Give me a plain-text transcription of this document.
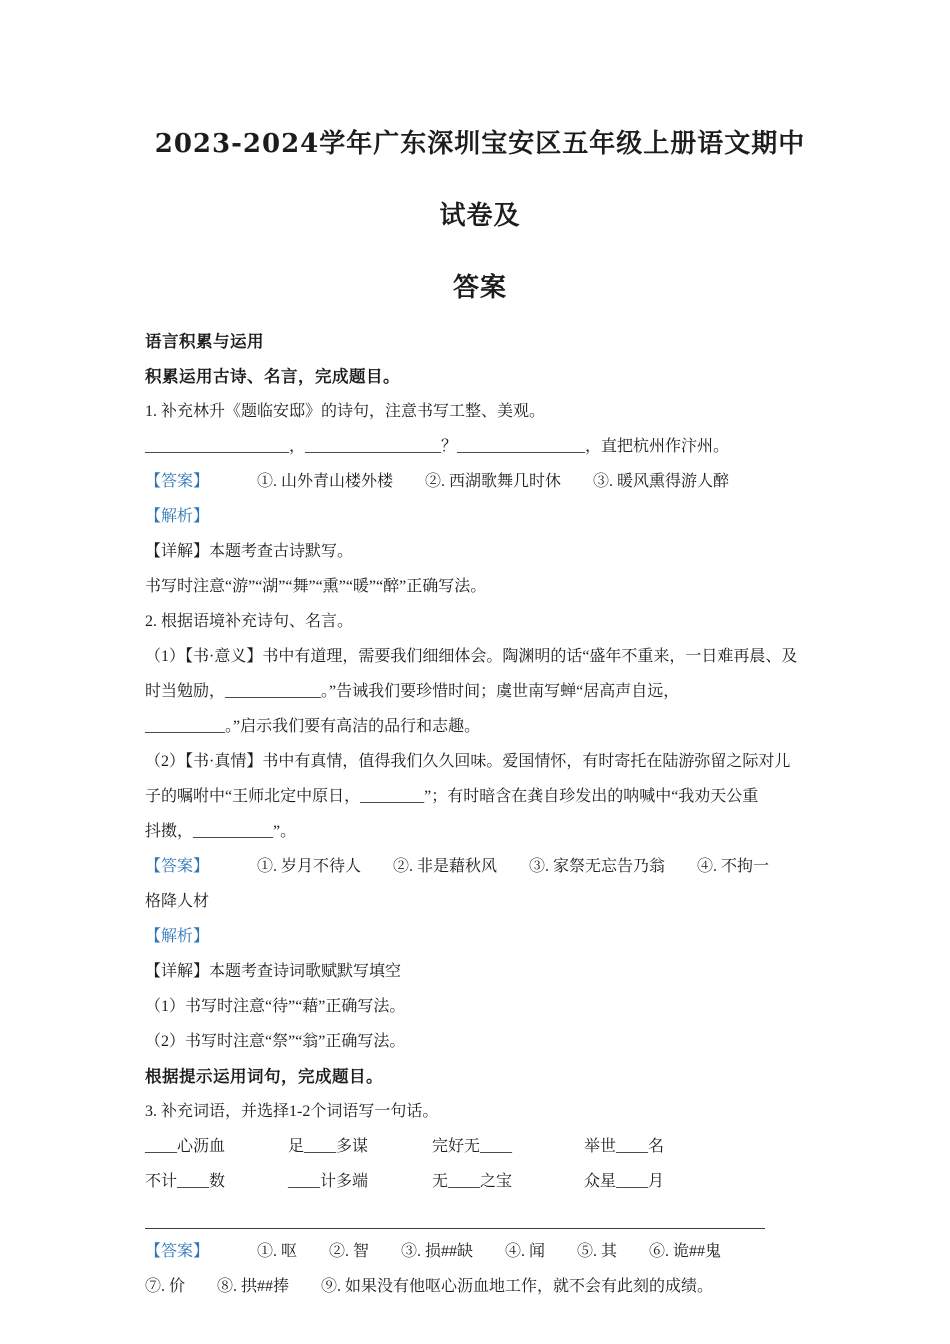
2023-2024学年广东深圳宝安区五年级上册语文期中试卷及
答案

语言积累与运用

积累运用古诗、名言，完成题目。

1. 补充林升《题临安邸》的诗句，注意书写工整、美观。

__________________，_________________？________________，直把杭州作汴州。

【答案】	①. 山外青山楼外楼　　②. 西湖歌舞几时休　　③. 暖风熏得游人醉

【解析】

【详解】本题考查古诗默写。

书写时注意“游”“湖”“舞”“熏”“暖”“醉”正确写法。

2. 根据语境补充诗句、名言。

（1）【书·意义】书中有道理，需要我们细细体会。陶渊明的话“盛年不重来，一日难再晨、及

时当勉励，____________。”告诫我们要珍惜时间；虞世南写蝉“居高声自远，

__________。”启示我们要有高洁的品行和志趣。

（2）【书·真情】书中有真情，值得我们久久回味。爱国情怀，有时寄托在陆游弥留之际对儿

子的嘱咐中“王师北定中原日，________”；有时暗含在龚自珍发出的呐喊中“我劝天公重

抖擞，__________”。

【答案】	①. 岁月不待人　　②. 非是藉秋风　　③. 家祭无忘告乃翁　　④. 不拘一

格降人材

【解析】

【详解】本题考查诗词歌赋默写填空

（1）书写时注意“待”“藉”正确写法。

（2）书写时注意“祭”“翁”正确写法。

根据提示运用词句，完成题目。

3. 补充词语，并选择1-2个词语写一句话。

____心沥血	足____多谋	完好无____	举世____名
不计____数	____计多端	无____之宝	众星____月

【答案】	①. 呕　　②. 智　　③. 损##缺　　④. 闻　　⑤. 其　　⑥. 诡##鬼

⑦. 价　　⑧. 拱##捧　　⑨. 如果没有他呕心沥血地工作，就不会有此刻的成绩。
